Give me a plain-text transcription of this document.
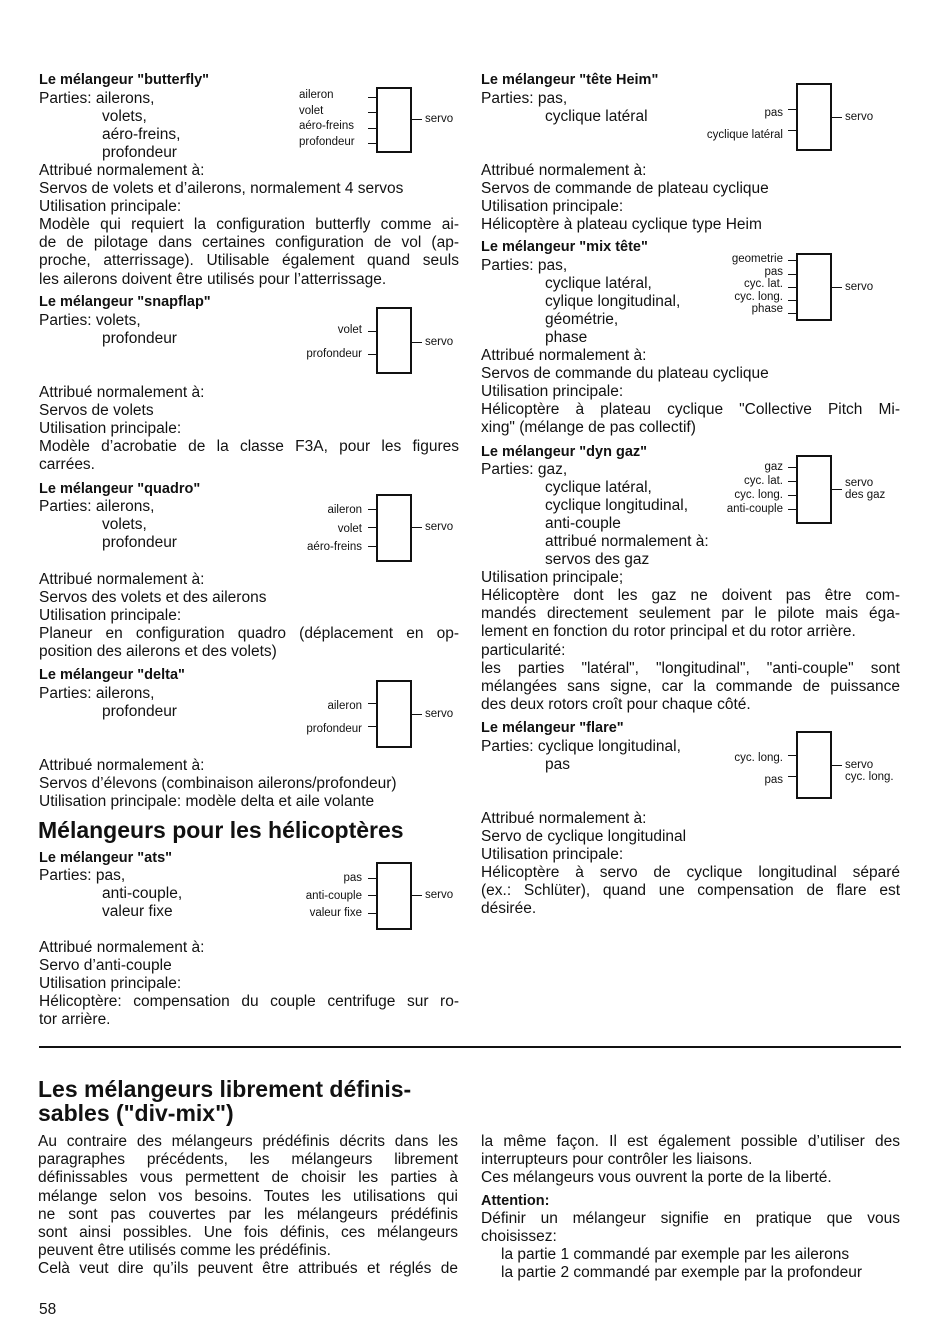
Le mélangeur "butterfly"
Parties: ailerons,
volets,
aéro-freins,
profondeur
aileron
volet
aéro-freins
profondeur
servo
Attribué normalement à:
Servos de volets et d’ailerons, normalement 4 servos
Utilisation principale:
Modèle qui requiert la configuration butterfly comme ai-
de de pilotage dans certaines configuration de vol (ap-
proche, atterrissage). Utilisable également quand seuls
les ailerons doivent être utilisés pour l’atterrissage.
Le mélangeur "snapflap"
Parties: volets,
profondeur	volet
profondeur
servo
Attribué normalement à:
Servos de volets
Utilisation principale:
Modèle d’acrobatie de la classe F3A, pour les figures
carrées.
Le mélangeur "quadro"
Parties: ailerons,
volets,
profondeur
aileron
volet
aéro-freins
servo
Attribué normalement à:
Servos des volets et des ailerons
Utilisation principale:
Planeur en configuration quadro (déplacement en op-
position des ailerons et des volets)
Le mélangeur "delta"
Parties: ailerons,
profondeur	aileron
profondeur
servo
Attribué normalement à:
Servos d’élevons (combinaison ailerons/profondeur)
Utilisation principale: modèle delta et aile volante
Mélangeurs pour les hélicoptères
Le mélangeur "ats"
Parties: pas,
anti-couple,
valeur fixe
pas
anti-couple
valeur fixe
servo
Attribué normalement à:
Servo d’anti-couple
Utilisation principale:
Hélicoptère: compensation du couple centrifuge sur ro-
tor arrière.
Le mélangeur "tête Heim"
Parties: pas,
cyclique latéral	pas
cyclique latéral
servo
Attribué normalement à:
Servos de commande de plateau cyclique
Utilisation principale:
Hélicoptère à plateau cyclique type Heim
Le mélangeur "mix tête"
Parties: pas,
cyclique latéral,
cylique longitudinal,
géométrie,
phase
geometrie
pas
cyc. lat.
cyc. long.
phase
servo
Attribué normalement à:
Servos de commande du plateau cyclique
Utilisation principale:
Hélicoptère à plateau cyclique "Collective Pitch Mi-
xing" (mélange de pas collectif)
Le mélangeur "dyn gaz"
Parties: gaz,
cyclique latéral,
cyclique longitudinal,
anti-couple
attribué normalement à:
servos des gaz
gaz
cyc. lat.
cyc. long.
anti-couple
servo
des gaz
Utilisation principale;
Hélicoptère dont les gaz ne doivent pas être com-
mandés directement seulement par le pilote mais éga-
lement en fonction du rotor principal et du rotor arrière.
particularité:
les parties "latéral", "longitudinal", "anti-couple" sont
mélangées sans signe, car la commande de puissance
des deux rotors croît pour chaque côté.
Le mélangeur "flare"
Parties: cyclique longitudinal,
pas	cyc. long.
pas
servo
cyc. long.
Attribué normalement à:
Servo de cyclique longitudinal
Utilisation principale:
Hélicoptère à servo de cyclique longitudinal séparé
(ex.: Schlüter), quand une compensation de flare est
désirée.
Les mélangeurs librement définis-
sables ("div-mix")
Au contraire des mélangeurs prédéfinis décrits dans les
paragraphes précédents, les mélangeurs librement
définissables vous permettent de choisir les parties à
mélange selon vos besoins. Toutes les utilisations qui
ne sont pas couvertes par les mélangeurs prédéfinis
sont ainsi possibles. Une fois définis, ces mélangeurs
peuvent être utilisés comme les prédéfinis.
Celà veut dire qu’ils peuvent être attribués et réglés de
la même façon. Il est également possible d’utiliser des
interrupteurs pour contrôler les liaisons.
Ces mélangeurs vous ouvrent la porte de la liberté.
Attention:
Définir un mélangeur signifie en pratique que vous
choisissez:
la partie 1 commandé par exemple par les ailerons
la partie 2 commandé par exemple par la profondeur
58
